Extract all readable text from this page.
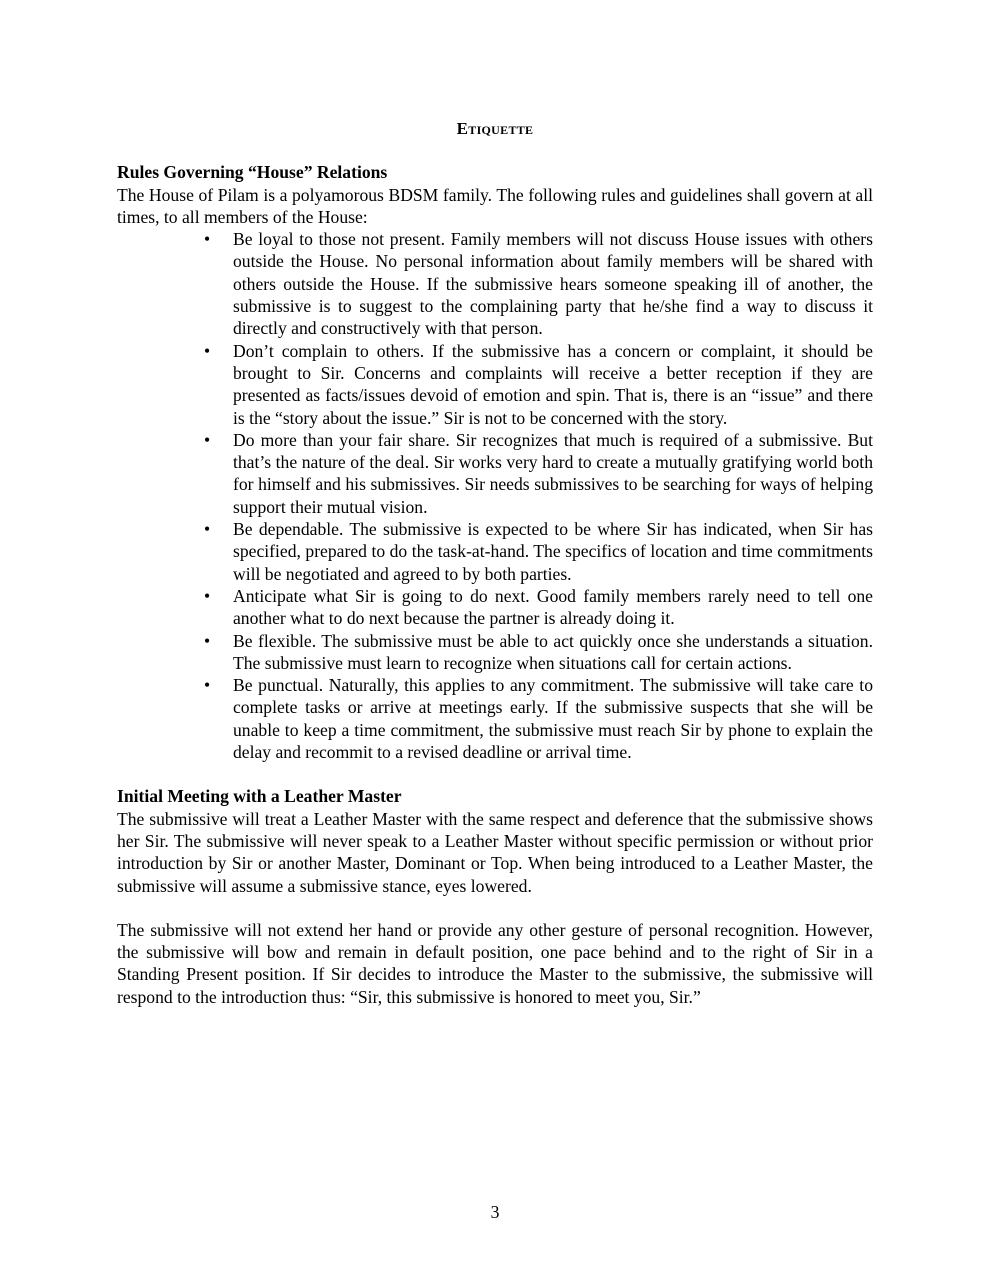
Etiquette

Rules Governing “House” Relations

The House of Pilam is a polyamorous BDSM family. The following rules and guidelines shall govern at all times, to all members of the House:

• Be loyal to those not present. Family members will not discuss House issues with others outside the House. No personal information about family members will be shared with others outside the House. If the submissive hears someone speaking ill of another, the submissive is to suggest to the complaining party that he/she find a way to discuss it directly and constructively with that person.
• Don’t complain to others. If the submissive has a concern or complaint, it should be brought to Sir. Concerns and complaints will receive a better reception if they are presented as facts/issues devoid of emotion and spin. That is, there is an “issue” and there is the “story about the issue.” Sir is not to be concerned with the story.
• Do more than your fair share. Sir recognizes that much is required of a submissive. But that’s the nature of the deal. Sir works very hard to create a mutually gratifying world both for himself and his submissives. Sir needs submissives to be searching for ways of helping support their mutual vision.
• Be dependable. The submissive is expected to be where Sir has indicated, when Sir has specified, prepared to do the task-at-hand. The specifics of location and time commitments will be negotiated and agreed to by both parties.
• Anticipate what Sir is going to do next. Good family members rarely need to tell one another what to do next because the partner is already doing it.
• Be flexible. The submissive must be able to act quickly once she understands a situation. The submissive must learn to recognize when situations call for certain actions.
• Be punctual. Naturally, this applies to any commitment. The submissive will take care to complete tasks or arrive at meetings early. If the submissive suspects that she will be unable to keep a time commitment, the submissive must reach Sir by phone to explain the delay and recommit to a revised deadline or arrival time.

Initial Meeting with a Leather Master

The submissive will treat a Leather Master with the same respect and deference that the submissive shows her Sir. The submissive will never speak to a Leather Master without specific permission or without prior introduction by Sir or another Master, Dominant or Top. When being introduced to a Leather Master, the submissive will assume a submissive stance, eyes lowered.

The submissive will not extend her hand or provide any other gesture of personal recognition. However, the submissive will bow and remain in default position, one pace behind and to the right of Sir in a Standing Present position. If Sir decides to introduce the Master to the submissive, the submissive will respond to the introduction thus: “Sir, this submissive is honored to meet you, Sir.”

3
